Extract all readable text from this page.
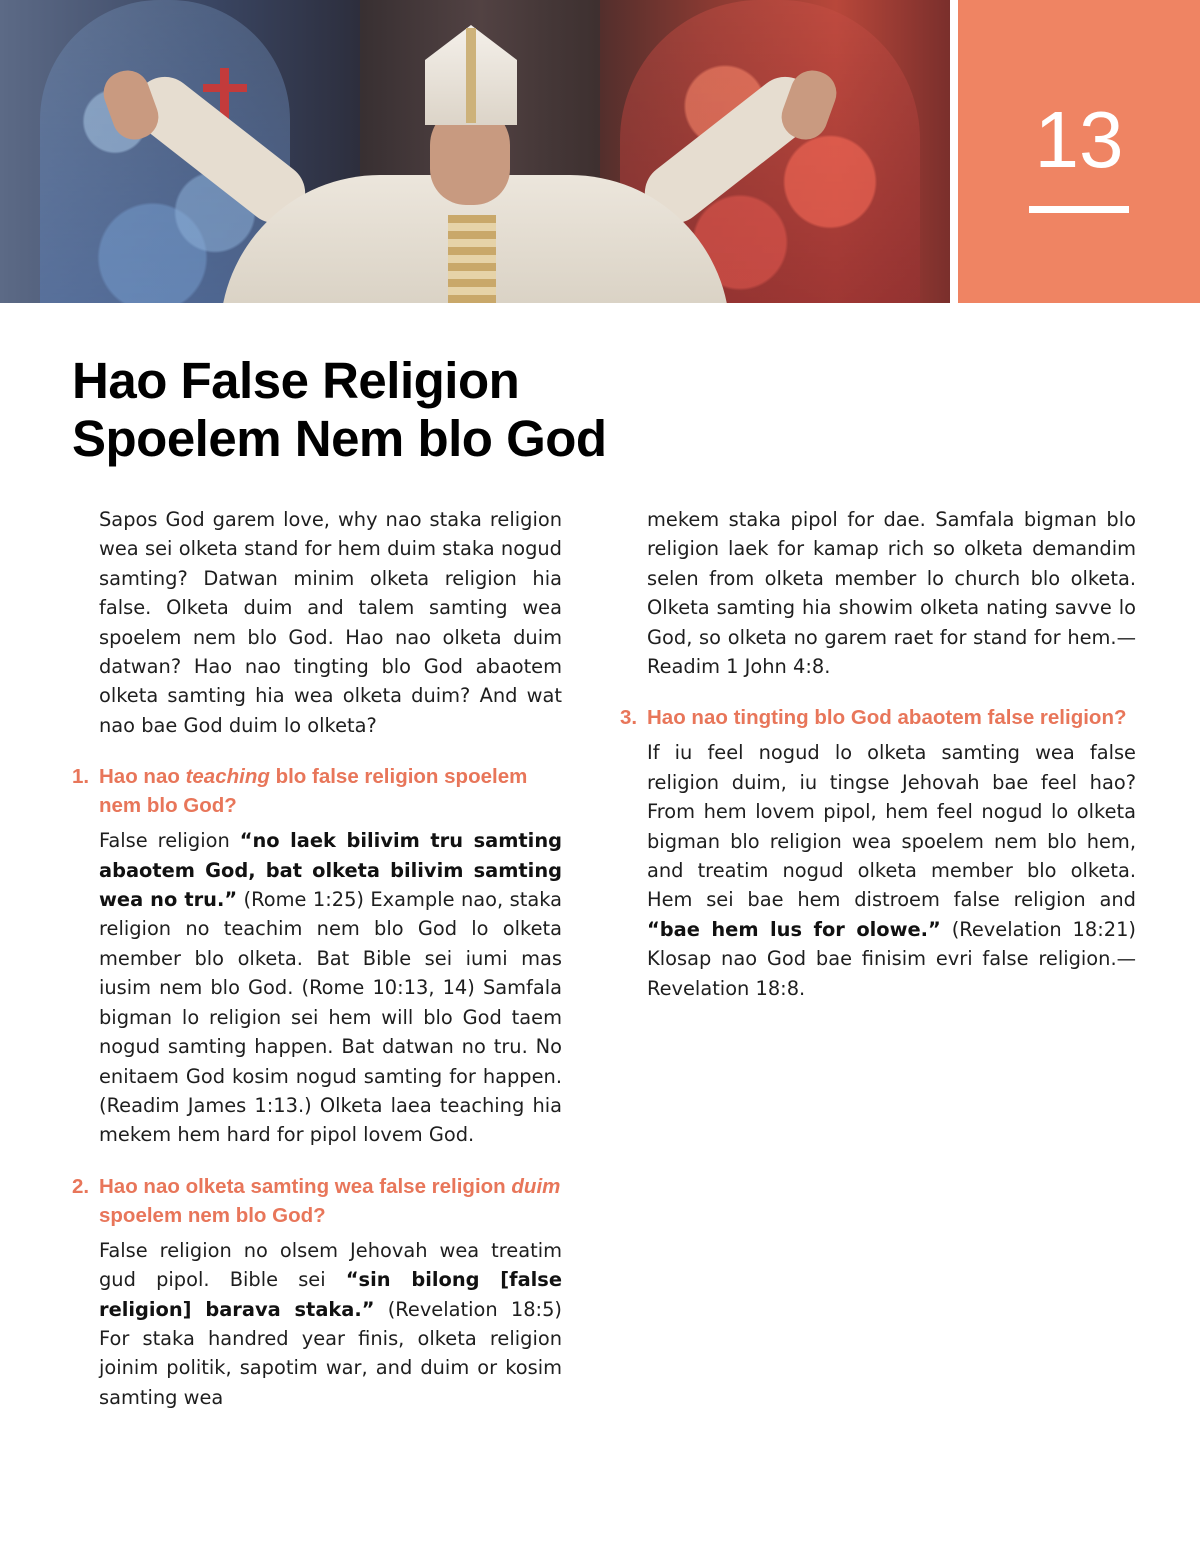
13
Hao False Religion
Spoelem Nem blo God

Sapos God garem love, why nao staka religion wea sei olketa stand for hem duim staka nogud samting? Datwan minim olketa religion hia false. Olketa duim and talem samting wea spoelem nem blo God. Hao nao olketa duim datwan? Hao nao tingting blo God abaotem olketa samting hia wea olketa duim? And wat nao bae God duim lo olketa?

1. Hao nao teaching blo false religion spoelem nem blo God?

False religion “no laek bilivim tru samting abaotem God, bat olketa bilivim samting wea no tru.” (Rome 1:25) Example nao, staka religion no teachim nem blo God lo olketa member blo olketa. Bat Bible sei iumi mas iusim nem blo God. (Rome 10:13, 14) Samfala bigman lo religion sei hem will blo God taem nogud samting happen. Bat datwan no tru. No enitaem God kosim nogud samting for happen. (Readim James 1:13.) Olketa laea teaching hia mekem hem hard for pipol lovem God.

2. Hao nao olketa samting wea false religion duim spoelem nem blo God?

False religion no olsem Jehovah wea treatim gud pipol. Bible sei “sin bilong [false religion] barava staka.” (Revelation 18:5) For staka handred year finis, olketa religion joinim politik, sapotim war, and duim or kosim samting wea

mekem staka pipol for dae. Samfala bigman blo religion laek for kamap rich so olketa demandim selen from olketa member lo church blo olketa. Olketa samting hia showim olketa nating savve lo God, so olketa no garem raet for stand for hem.—Readim 1 John 4:8.

3. Hao nao tingting blo God abaotem false religion?

If iu feel nogud lo olketa samting wea false religion duim, iu tingse Jehovah bae feel hao? From hem lovem pipol, hem feel nogud lo olketa bigman blo religion wea spoelem nem blo hem, and treatim nogud olketa member blo olketa. Hem sei bae hem distroem false religion and “bae hem lus for olowe.” (Revelation 18:21) Klosap nao God bae finisim evri false religion.—Revelation 18:8.
